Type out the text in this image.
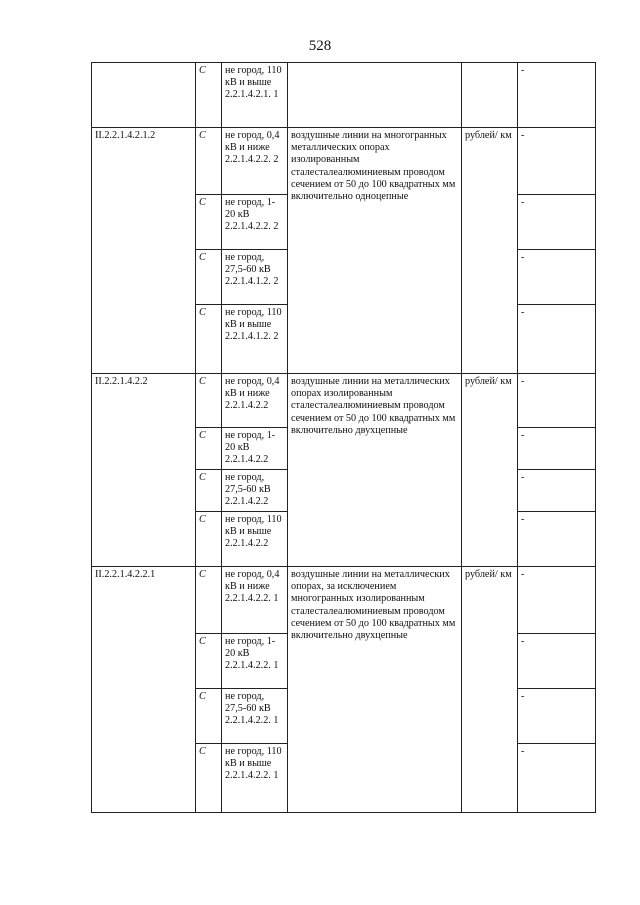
528
	С	не город, 110 кВ и выше 2.2.1.4.2.1. 1			-
II.2.2.1.4.2.1.2	С	не город, 0,4 кВ и ниже 2.2.1.4.2.2. 2	воздушные линии на многогранных металлических опорах изолированным сталесталеалюминиевым проводом сечением от 50 до 100 квадратных мм включительно одноцепные	рублей/ км	-
	С	не город, 1-20 кВ 2.2.1.4.2.2. 2			-
	С	не город, 27,5-60 кВ 2.2.1.4.1.2. 2			-
	С	не город, 110 кВ и выше 2.2.1.4.1.2. 2			-
II.2.2.1.4.2.2	С	не город, 0,4 кВ и ниже 2.2.1.4.2.2	воздушные линии на металлических опорах изолированным сталесталеалюминиевым проводом сечением от 50 до 100 квадратных мм включительно двухцепные	рублей/ км	-
	С	не город, 1-20 кВ 2.2.1.4.2.2			-
	С	не город, 27,5-60 кВ 2.2.1.4.2.2			-
	С	не город, 110 кВ и выше 2.2.1.4.2.2			-
II.2.2.1.4.2.2.1	С	не город, 0,4 кВ и ниже 2.2.1.4.2.2. 1	воздушные линии на металлических опорах, за исключением многогранных изолированным сталесталеалюминиевым проводом сечением от 50 до 100 квадратных мм включительно двухцепные	рублей/ км	-
	С	не город, 1-20 кВ 2.2.1.4.2.2. 1			-
	С	не город, 27,5-60 кВ 2.2.1.4.2.2. 1			-
	С	не город, 110 кВ и выше 2.2.1.4.2.2. 1			-
